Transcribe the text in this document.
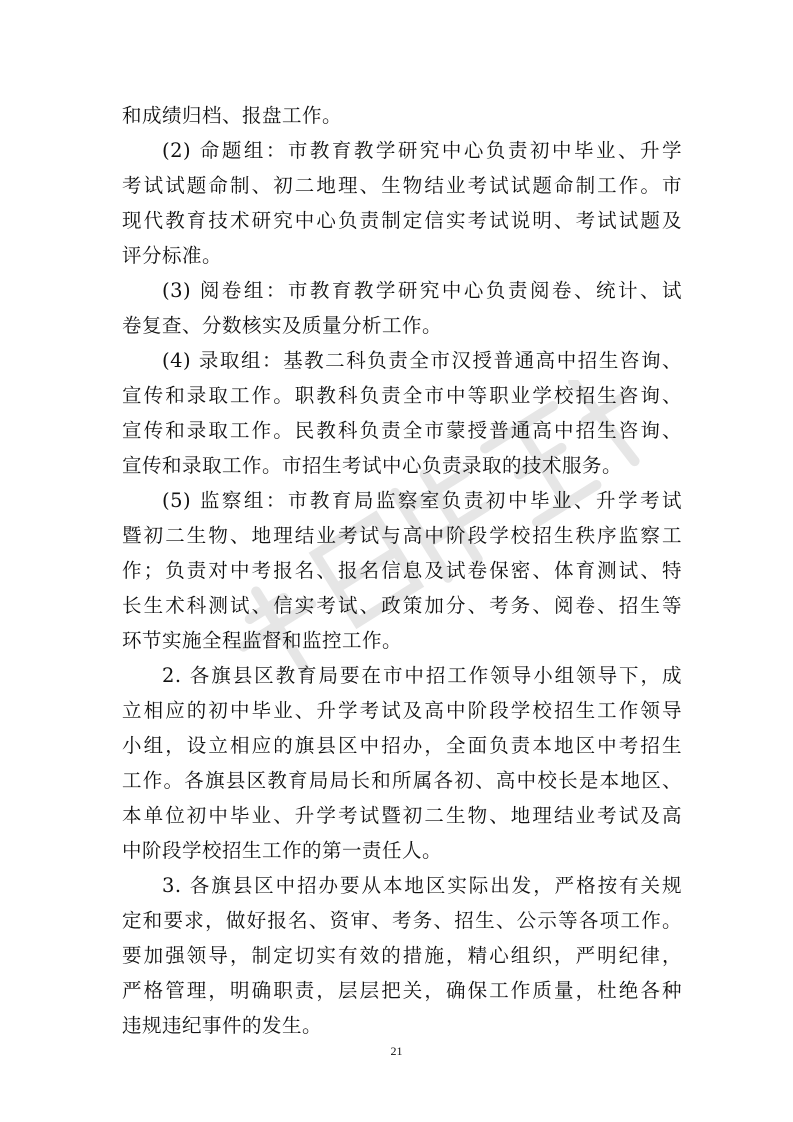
和成绩归档、报盘工作。
(2) 命题组：市教育教学研究中心负责初中毕业、升学
考试试题命制、初二地理、生物结业考试试题命制工作。市
现代教育技术研究中心负责制定信实考试说明、考试试题及
评分标准。
(3) 阅卷组：市教育教学研究中心负责阅卷、统计、试
卷复查、分数核实及质量分析工作。
(4) 录取组：基教二科负责全市汉授普通高中招生咨询、
宣传和录取工作。职教科负责全市中等职业学校招生咨询、
宣传和录取工作。民教科负责全市蒙授普通高中招生咨询、
宣传和录取工作。市招生考试中心负责录取的技术服务。
(5) 监察组：市教育局监察室负责初中毕业、升学考试
暨初二生物、地理结业考试与高中阶段学校招生秩序监察工
作；负责对中考报名、报名信息及试卷保密、体育测试、特
长生术科测试、信实考试、政策加分、考务、阅卷、招生等
环节实施全程监督和监控工作。
2. 各旗县区教育局要在市中招工作领导小组领导下，成
立相应的初中毕业、升学考试及高中阶段学校招生工作领导
小组，设立相应的旗县区中招办，全面负责本地区中考招生
工作。各旗县区教育局局长和所属各初、高中校长是本地区、
本单位初中毕业、升学考试暨初二生物、地理结业考试及高
中阶段学校招生工作的第一责任人。
3. 各旗县区中招办要从本地区实际出发，严格按有关规
定和要求，做好报名、资审、考务、招生、公示等各项工作。
要加强领导，制定切实有效的措施，精心组织，严明纪律，
严格管理，明确职责，层层把关，确保工作质量，杜绝各种
违规违纪事件的发生。
21
